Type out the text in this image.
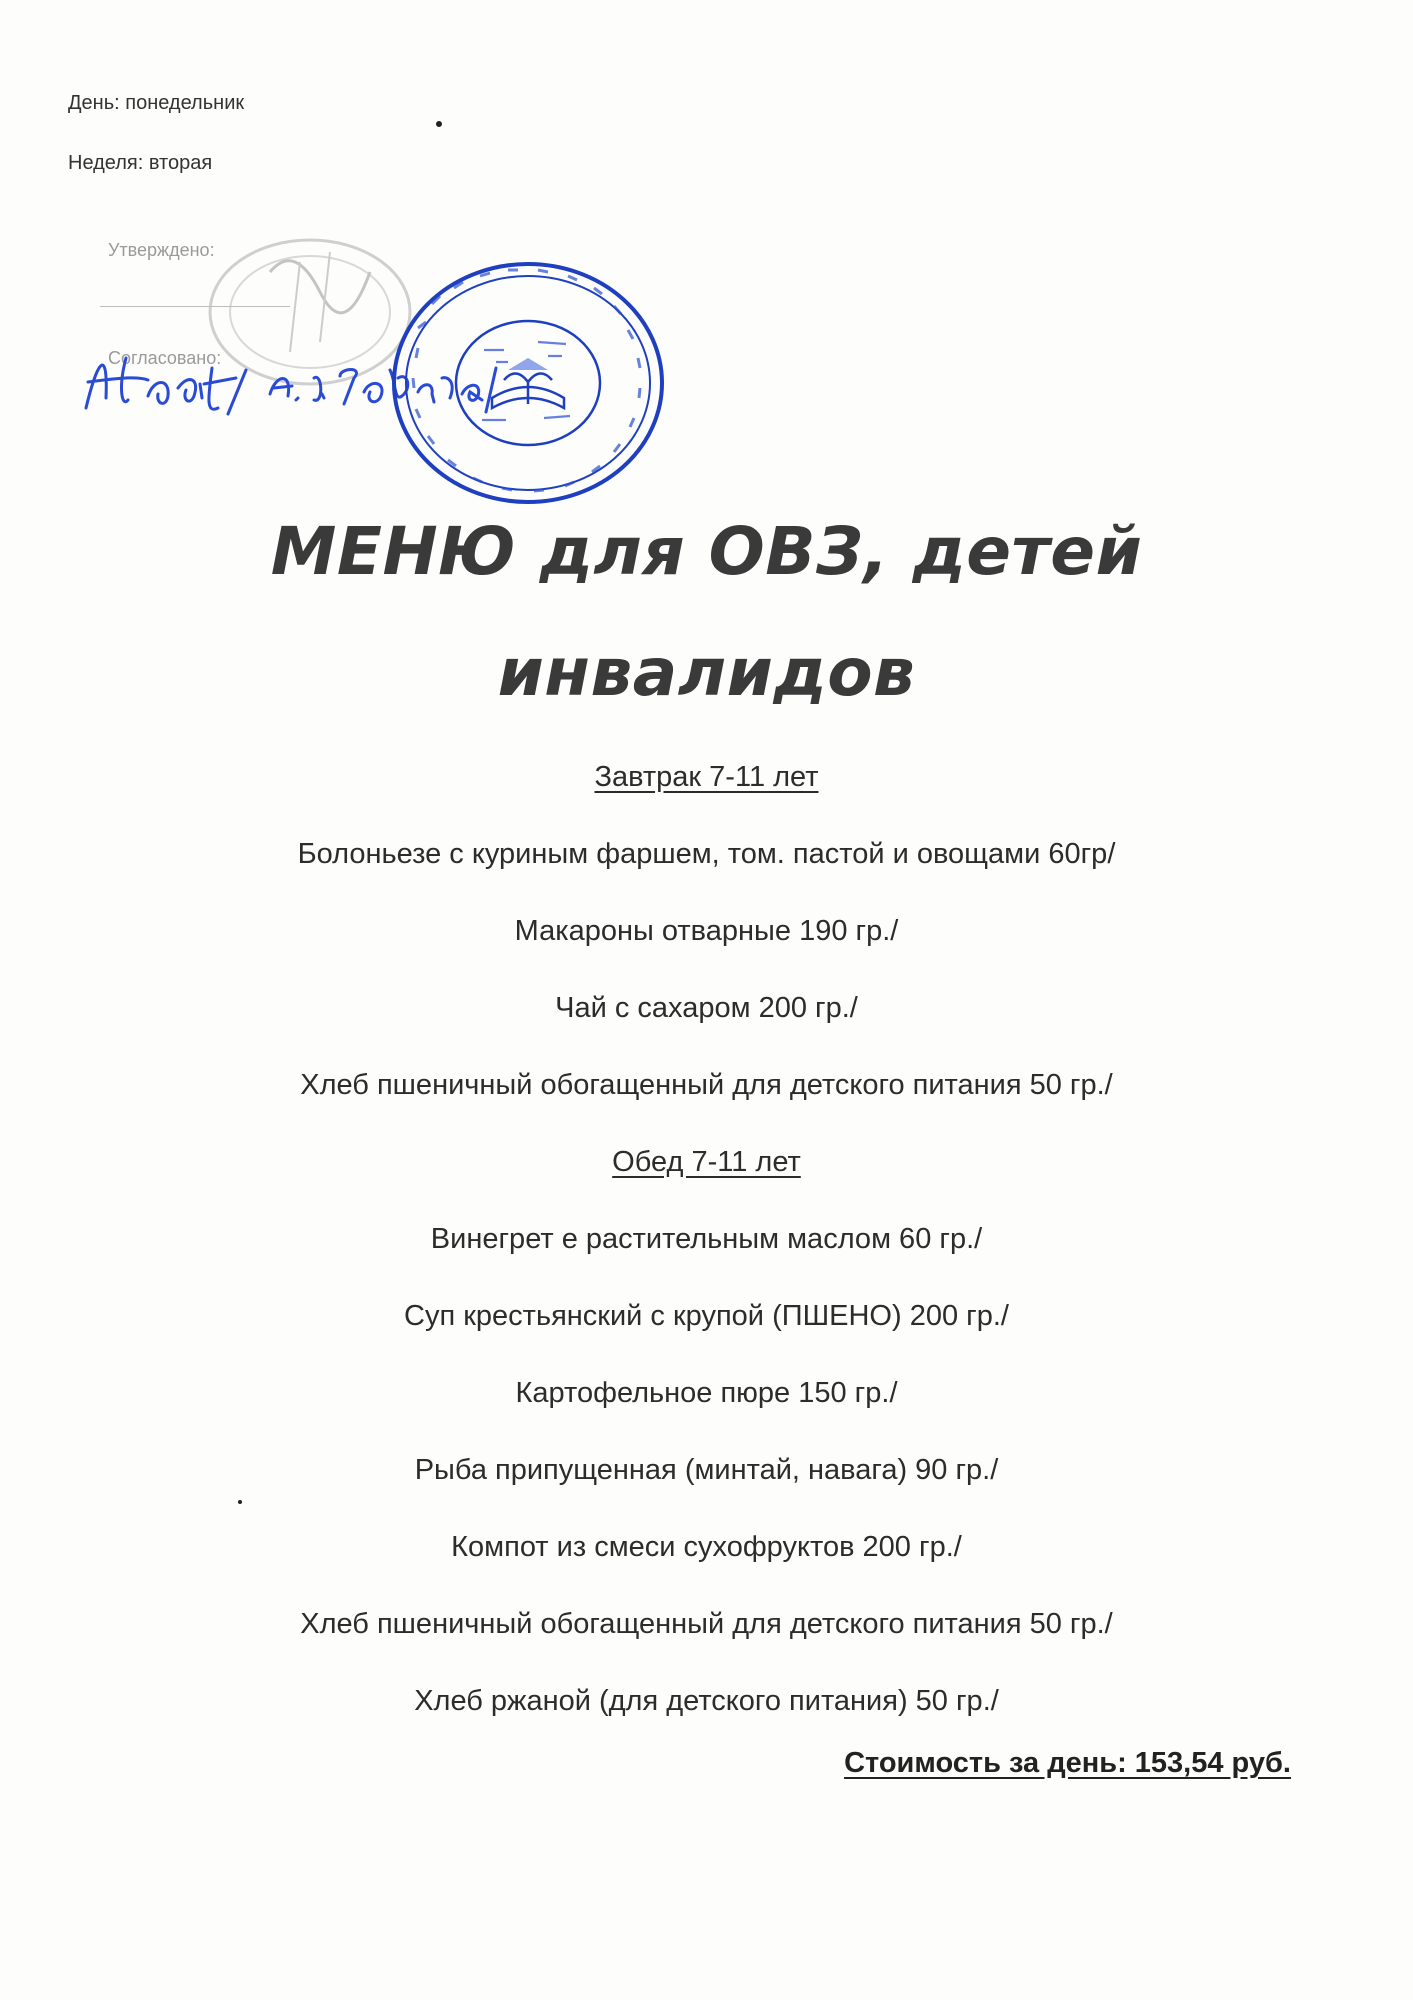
День: понедельник
Неделя: вторая
Утверждено:
Согласовано:
МЕНЮ для ОВЗ, детей
инвалидов
Завтрак 7-11 лет
Болоньезе с куриным фаршем, том. пастой и овощами 60гр/
Макароны отварные 190 гр./
Чай с сахаром 200 гр./
Хлеб пшеничный обогащенный для детского питания 50 гр./
Обед 7-11 лет
Винегрет е растительным маслом 60 гр./
Суп крестьянский с крупой (ПШЕНО) 200 гр./
Картофельное пюре 150 гр./
Рыба припущенная (минтай, навага) 90 гр./
Компот из смеси сухофруктов 200 гр./
Хлеб пшеничный обогащенный для детского питания 50 гр./
Хлеб ржаной (для детского питания) 50 гр./
Стоимость за день: 153,54 руб.
